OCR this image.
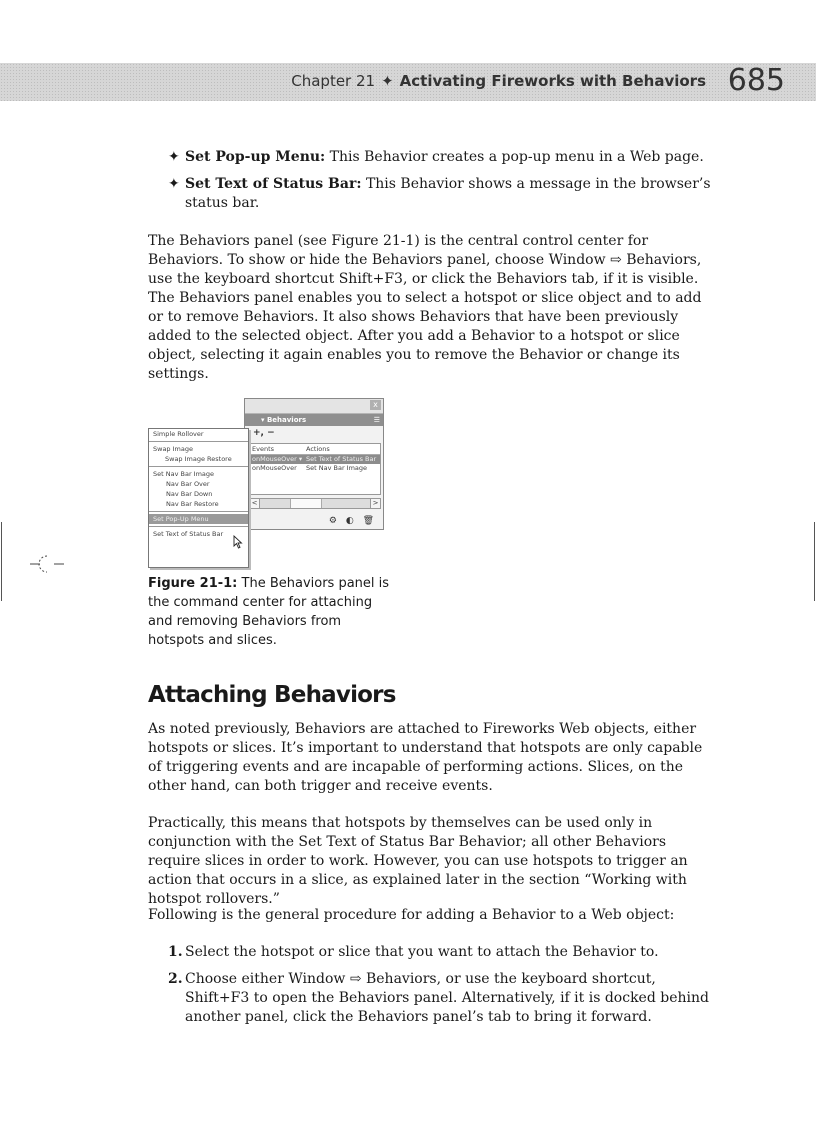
Chapter 21 ✦ Activating Fireworks with Behaviors 685
✦ Set Pop-up Menu: This Behavior creates a pop-up menu in a Web page.
✦ Set Text of Status Bar: This Behavior shows a message in the browser’s status bar.

The Behaviors panel (see Figure 21-1) is the central control center for Behaviors. To show or hide the Behaviors panel, choose Window ⇨ Behaviors, use the keyboard shortcut Shift+F3, or click the Behaviors tab, if it is visible. The Behaviors panel enables you to select a hotspot or slice object and to add or to remove Behaviors. It also shows Behaviors that have been previously added to the selected object. After you add a Behavior to a hotspot or slice object, selecting it again enables you to remove the Behavior or change its settings.

x
▾ Behaviors	☰
+, −
Events	Actions
onMouseOver ▾ Set Text of Status Bar
onMouseOver	Set Nav Bar Image
<	>
⚙ ◐ 🗑
Simple Rollover
Swap Image
Swap Image Restore
Set Nav Bar Image
Nav Bar Over
Nav Bar Down
Nav Bar Restore
Set Pop-Up Menu
Set Text of Status Bar

Figure 21-1: The Behaviors panel is the command center for attaching and removing Behaviors from hotspots and slices.

Attaching Behaviors

As noted previously, Behaviors are attached to Fireworks Web objects, either hotspots or slices. It’s important to understand that hotspots are only capable of triggering events and are incapable of performing actions. Slices, on the other hand, can both trigger and receive events.

Practically, this means that hotspots by themselves can be used only in conjunction with the Set Text of Status Bar Behavior; all other Behaviors require slices in order to work. However, you can use hotspots to trigger an action that occurs in a slice, as explained later in the section “Working with hotspot rollovers.”

Following is the general procedure for adding a Behavior to a Web object:

1. Select the hotspot or slice that you want to attach the Behavior to.
2. Choose either Window ⇨ Behaviors, or use the keyboard shortcut, Shift+F3 to open the Behaviors panel. Alternatively, if it is docked behind another panel, click the Behaviors panel’s tab to bring it forward.
